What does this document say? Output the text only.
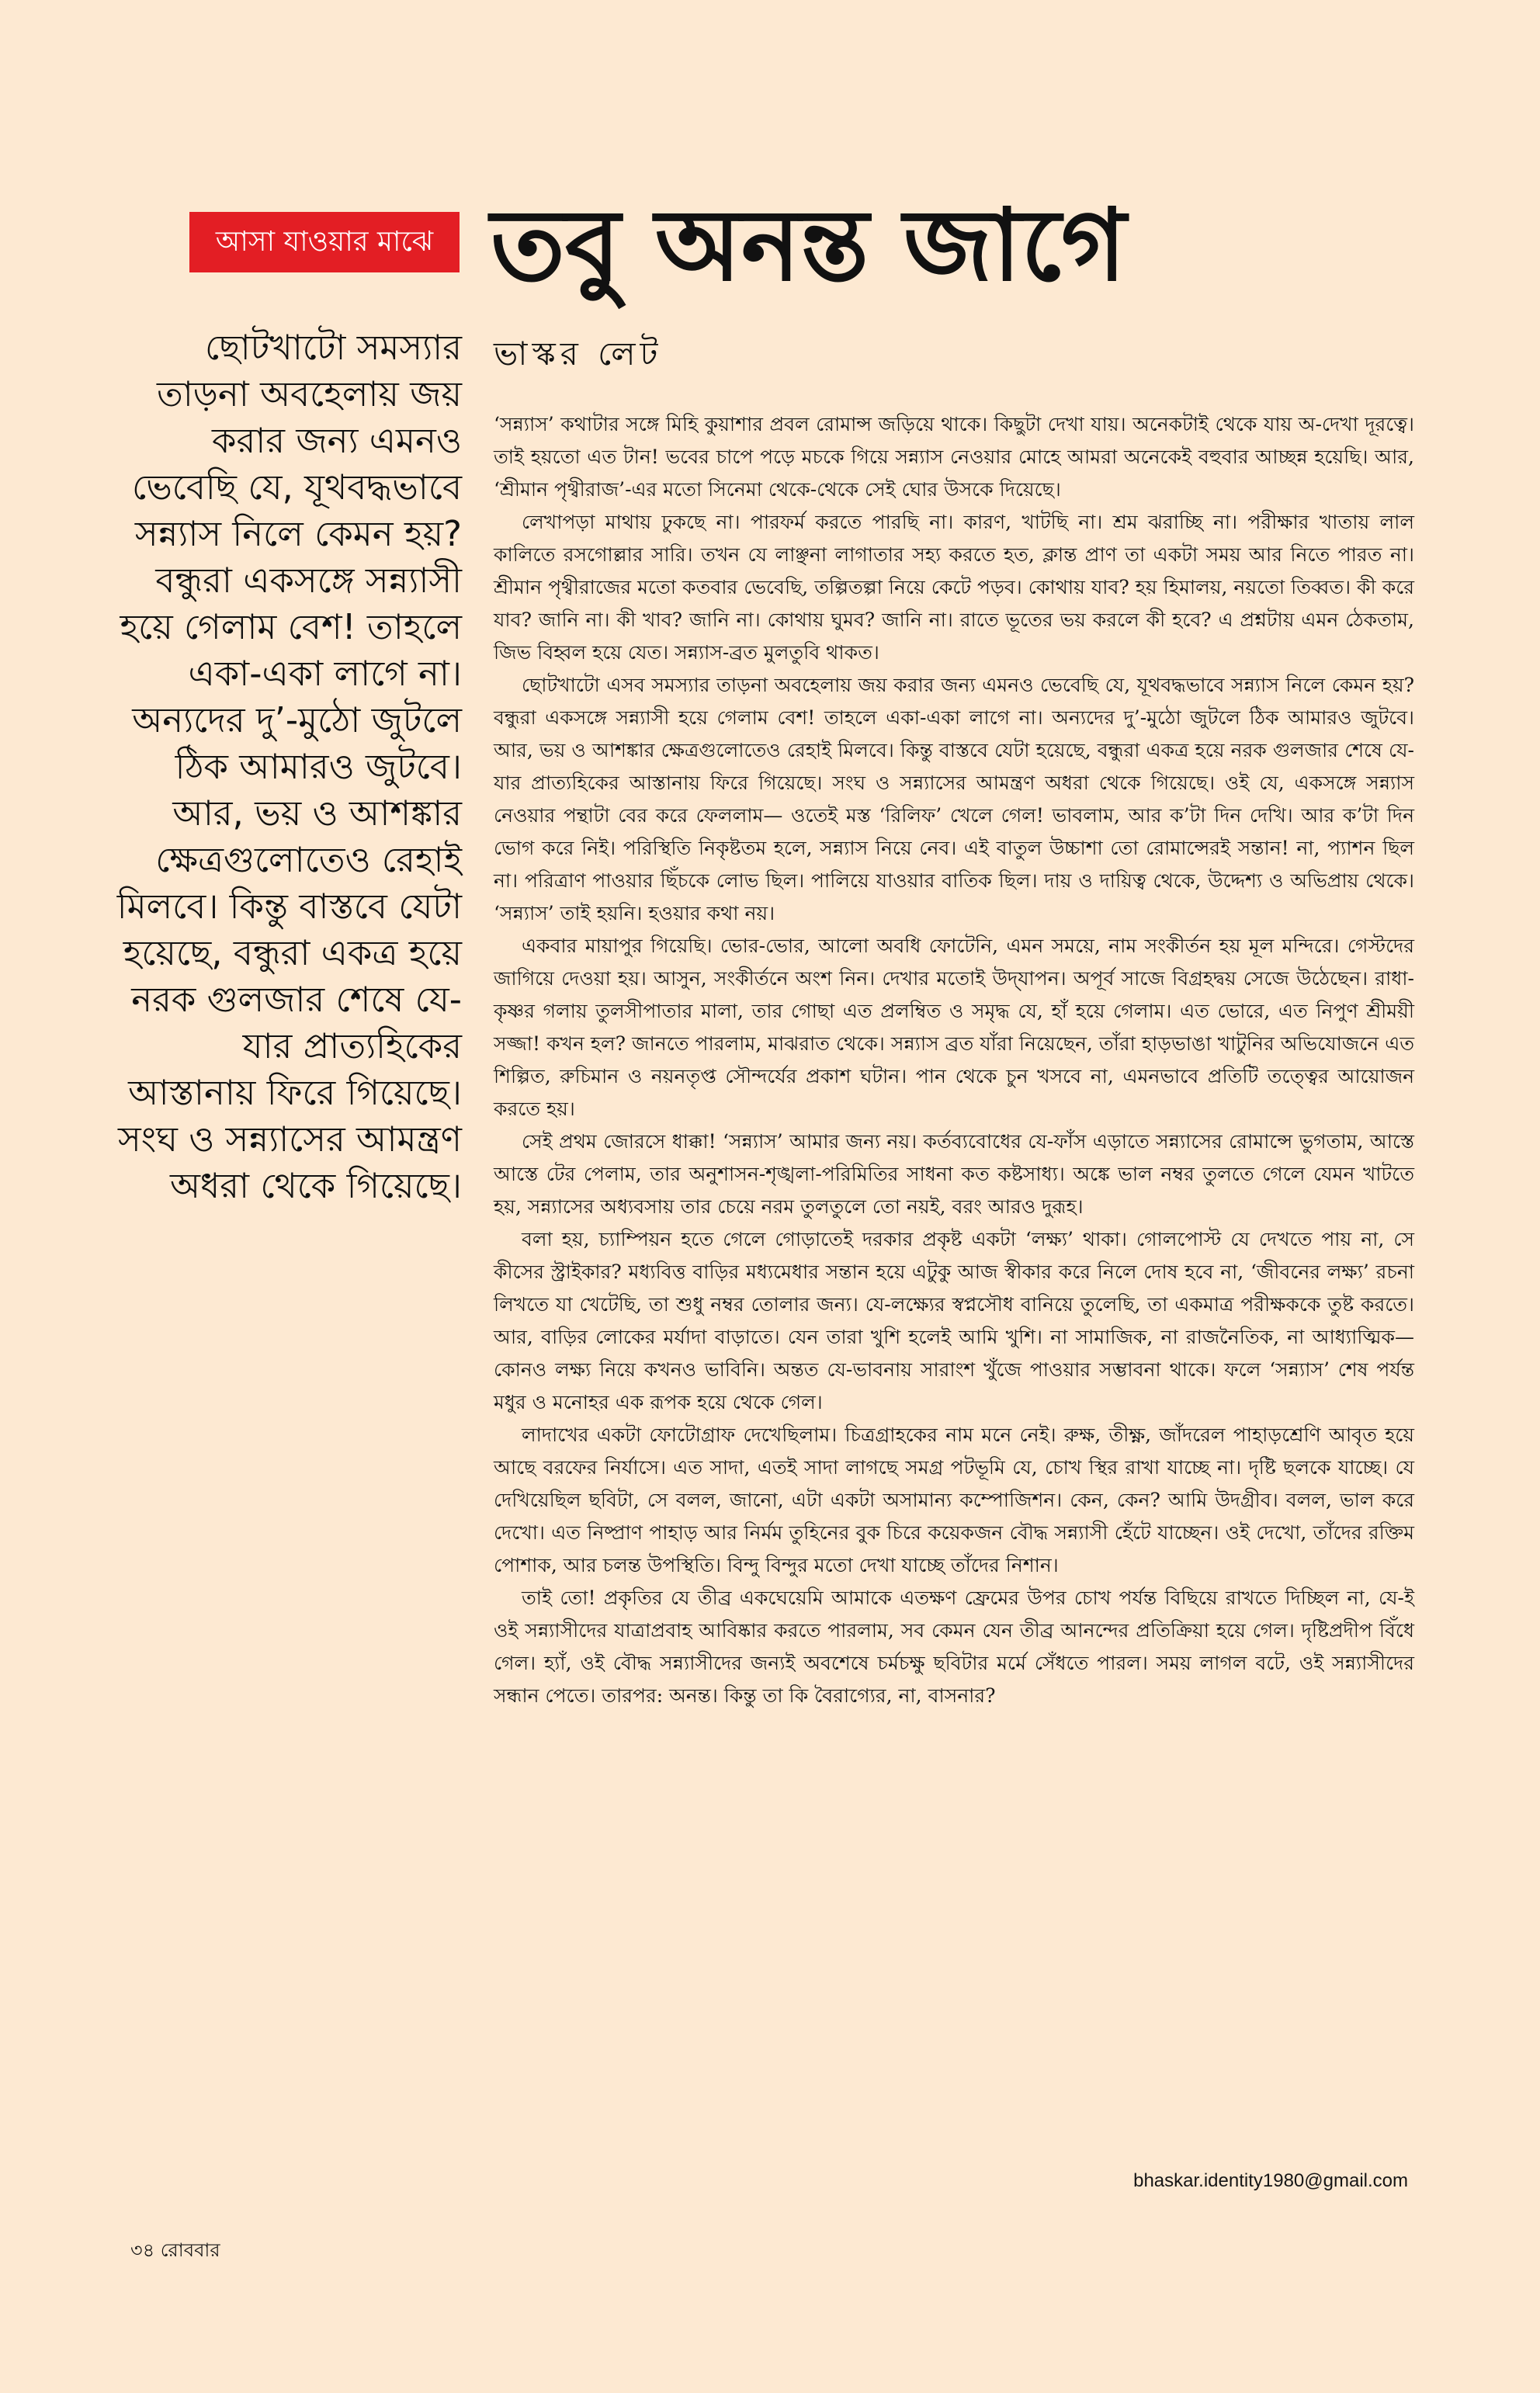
আসা যাওয়ার মাঝে তবু অনন্ত জাগে

ছোটখাটো সমস্যার তাড়না অবহেলায় জয় করার জন্য এমনও ভেবেছি যে, যূথবদ্ধভাবে সন্ন্যাস নিলে কেমন হয়? বন্ধুরা একসঙ্গে সন্ন্যাসী হয়ে গেলাম বেশ! তাহলে একা-একা লাগে না। অন্যদের দু’-মুঠো জুটলে ঠিক আমারও জুটবে। আর, ভয় ও আশঙ্কার ক্ষেত্রগুলোতেও রেহাই মিলবে। কিন্তু বাস্তবে যেটা হয়েছে, বন্ধুরা একত্র হয়ে নরক গুলজার শেষে যে-যার প্রাত্যহিকের আস্তানায় ফিরে গিয়েছে। সংঘ ও সন্ন্যাসের আমন্ত্রণ অধরা থেকে গিয়েছে।

ভাস্কর লেট

‘সন্ন্যাস’ কথাটার সঙ্গে মিহি কুয়াশার প্রবল রোমান্স জড়িয়ে থাকে। কিছুটা দেখা যায়। অনেকটাই থেকে যায় অ-দেখা দূরত্বে। তাই হয়তো এত টান! ভবের চাপে পড়ে মচকে গিয়ে সন্ন্যাস নেওয়ার মোহে আমরা অনেকেই বহুবার আচ্ছন্ন হয়েছি। আর, ‘শ্রীমান পৃথ্বীরাজ’-এর মতো সিনেমা থেকে-থেকে সেই ঘোর উসকে দিয়েছে।

লেখাপড়া মাথায় ঢুকছে না। পারফর্ম করতে পারছি না। কারণ, খাটছি না। শ্রম ঝরাচ্ছি না। পরীক্ষার খাতায় লাল কালিতে রসগোল্লার সারি। তখন যে লাঞ্ছনা লাগাতার সহ্য করতে হত, ক্লান্ত প্রাণ তা একটা সময় আর নিতে পারত না। শ্রীমান পৃথ্বীরাজের মতো কতবার ভেবেছি, তল্পিতল্পা নিয়ে কেটে পড়ব। কোথায় যাব? হয় হিমালয়, নয়তো তিব্বত। কী করে যাব? জানি না। কী খাব? জানি না। কোথায় ঘুমব? জানি না। রাতে ভূতের ভয় করলে কী হবে? এ প্রশ্নটায় এমন ঠেকতাম, জিভ বিহ্বল হয়ে যেত। সন্ন্যাস-ব্রত মুলতুবি থাকত।

ছোটখাটো এসব সমস্যার তাড়না অবহেলায় জয় করার জন্য এমনও ভেবেছি যে, যূথবদ্ধভাবে সন্ন্যাস নিলে কেমন হয়? বন্ধুরা একসঙ্গে সন্ন্যাসী হয়ে গেলাম বেশ! তাহলে একা-একা লাগে না। অন্যদের দু’-মুঠো জুটলে ঠিক আমারও জুটবে। আর, ভয় ও আশঙ্কার ক্ষেত্রগুলোতেও রেহাই মিলবে। কিন্তু বাস্তবে যেটা হয়েছে, বন্ধুরা একত্র হয়ে নরক গুলজার শেষে যে-যার প্রাত্যহিকের আস্তানায় ফিরে গিয়েছে। সংঘ ও সন্ন্যাসের আমন্ত্রণ অধরা থেকে গিয়েছে। ওই যে, একসঙ্গে সন্ন্যাস নেওয়ার পন্থাটা বের করে ফেললাম— ওতেই মস্ত ‘রিলিফ’ খেলে গেল! ভাবলাম, আর ক’টা দিন দেখি। আর ক’টা দিন ভোগ করে নিই। পরিস্থিতি নিকৃষ্টতম হলে, সন্ন্যাস নিয়ে নেব। এই বাতুল উচ্চাশা তো রোমান্সেরই সন্তান! না, প্যাশন ছিল না। পরিত্রাণ পাওয়ার ছিঁচকে লোভ ছিল। পালিয়ে যাওয়ার বাতিক ছিল। দায় ও দায়িত্ব থেকে, উদ্দেশ্য ও অভিপ্রায় থেকে। ‘সন্ন্যাস’ তাই হয়নি। হওয়ার কথা নয়।

একবার মায়াপুর গিয়েছি। ভোর-ভোর, আলো অবধি ফোটেনি, এমন সময়ে, নাম সংকীর্তন হয় মূল মন্দিরে। গেস্টদের জাগিয়ে দেওয়া হয়। আসুন, সংকীর্তনে অংশ নিন। দেখার মতোই উদ্‌যাপন। অপূর্ব সাজে বিগ্রহদ্বয় সেজে উঠেছেন। রাধা-কৃষ্ণর গলায় তুলসীপাতার মালা, তার গোছা এত প্রলম্বিত ও সমৃদ্ধ যে, হাঁ হয়ে গেলাম। এত ভোরে, এত নিপুণ শ্রীময়ী সজ্জা! কখন হল? জানতে পারলাম, মাঝরাত থেকে। সন্ন্যাস ব্রত যাঁরা নিয়েছেন, তাঁরা হাড়ভাঙা খাটুনির অভিযোজনে এত শিল্পিত, রুচিমান ও নয়নতৃপ্ত সৌন্দর্যের প্রকাশ ঘটান। পান থেকে চুন খসবে না, এমনভাবে প্রতিটি তত্ত্বের আয়োজন করতে হয়।

সেই প্রথম জোরসে ধাক্কা! ‘সন্ন্যাস’ আমার জন্য নয়। কর্তব্যবোধের যে-ফাঁস এড়াতে সন্ন্যাসের রোমান্সে ভুগতাম, আস্তে আস্তে টের পেলাম, তার অনুশাসন-শৃঙ্খলা-পরিমিতির সাধনা কত কষ্টসাধ্য। অঙ্কে ভাল নম্বর তুলতে গেলে যেমন খাটতে হয়, সন্ন্যাসের অধ্যবসায় তার চেয়ে নরম তুলতুলে তো নয়ই, বরং আরও দুরূহ।

বলা হয়, চ্যাম্পিয়ন হতে গেলে গোড়াতেই দরকার প্রকৃষ্ট একটা ‘লক্ষ্য’ থাকা। গোলপোস্ট যে দেখতে পায় না, সে কীসের স্ট্রাইকার? মধ্যবিত্ত বাড়ির মধ্যমেধার সন্তান হয়ে এটুকু আজ স্বীকার করে নিলে দোষ হবে না, ‘জীবনের লক্ষ্য’ রচনা লিখতে যা খেটেছি, তা শুধু নম্বর তোলার জন্য। যে-লক্ষ্যের স্বপ্নসৌধ বানিয়ে তুলেছি, তা একমাত্র পরীক্ষককে তুষ্ট করতে। আর, বাড়ির লোকের মর্যাদা বাড়াতে। যেন তারা খুশি হলেই আমি খুশি। না সামাজিক, না রাজনৈতিক, না আধ্যাত্মিক— কোনও লক্ষ্য নিয়ে কখনও ভাবিনি। অন্তত যে-ভাবনায় সারাংশ খুঁজে পাওয়ার সম্ভাবনা থাকে। ফলে ‘সন্ন্যাস’ শেষ পর্যন্ত মধুর ও মনোহর এক রূপক হয়ে থেকে গেল।

লাদাখের একটা ফোটোগ্রাফ দেখেছিলাম। চিত্রগ্রাহকের নাম মনে নেই। রুক্ষ, তীক্ষ্ণ, জাঁদরেল পাহাড়শ্রেণি আবৃত হয়ে আছে বরফের নির্যাসে। এত সাদা, এতই সাদা লাগছে সমগ্র পটভূমি যে, চোখ স্থির রাখা যাচ্ছে না। দৃষ্টি ছলকে যাচ্ছে। যে দেখিয়েছিল ছবিটা, সে বলল, জানো, এটা একটা অসামান্য কম্পোজিশন। কেন, কেন? আমি উদগ্রীব। বলল, ভাল করে দেখো। এত নিষ্প্রাণ পাহাড় আর নির্মম তুহিনের বুক চিরে কয়েকজন বৌদ্ধ সন্ন্যাসী হেঁটে যাচ্ছেন। ওই দেখো, তাঁদের রক্তিম পোশাক, আর চলন্ত উপস্থিতি। বিন্দু বিন্দুর মতো দেখা যাচ্ছে তাঁদের নিশান।

তাই তো! প্রকৃতির যে তীব্র একঘেয়েমি আমাকে এতক্ষণ ফ্রেমের উপর চোখ পর্যন্ত বিছিয়ে রাখতে দিচ্ছিল না, যে-ই ওই সন্ন্যাসীদের যাত্রাপ্রবাহ আবিষ্কার করতে পারলাম, সব কেমন যেন তীব্র আনন্দের প্রতিক্রিয়া হয়ে গেল। দৃষ্টিপ্রদীপ বিঁধে গেল। হ্যাঁ, ওই বৌদ্ধ সন্ন্যাসীদের জন্যই অবশেষে চর্মচক্ষু ছবিটার মর্মে সেঁধতে পারল। সময় লাগল বটে, ওই সন্ন্যাসীদের সন্ধান পেতে। তারপর: অনন্ত। কিন্তু তা কি বৈরাগ্যের, না, বাসনার?

bhaskar.identity1980@gmail.com
৩৪ রোববার
